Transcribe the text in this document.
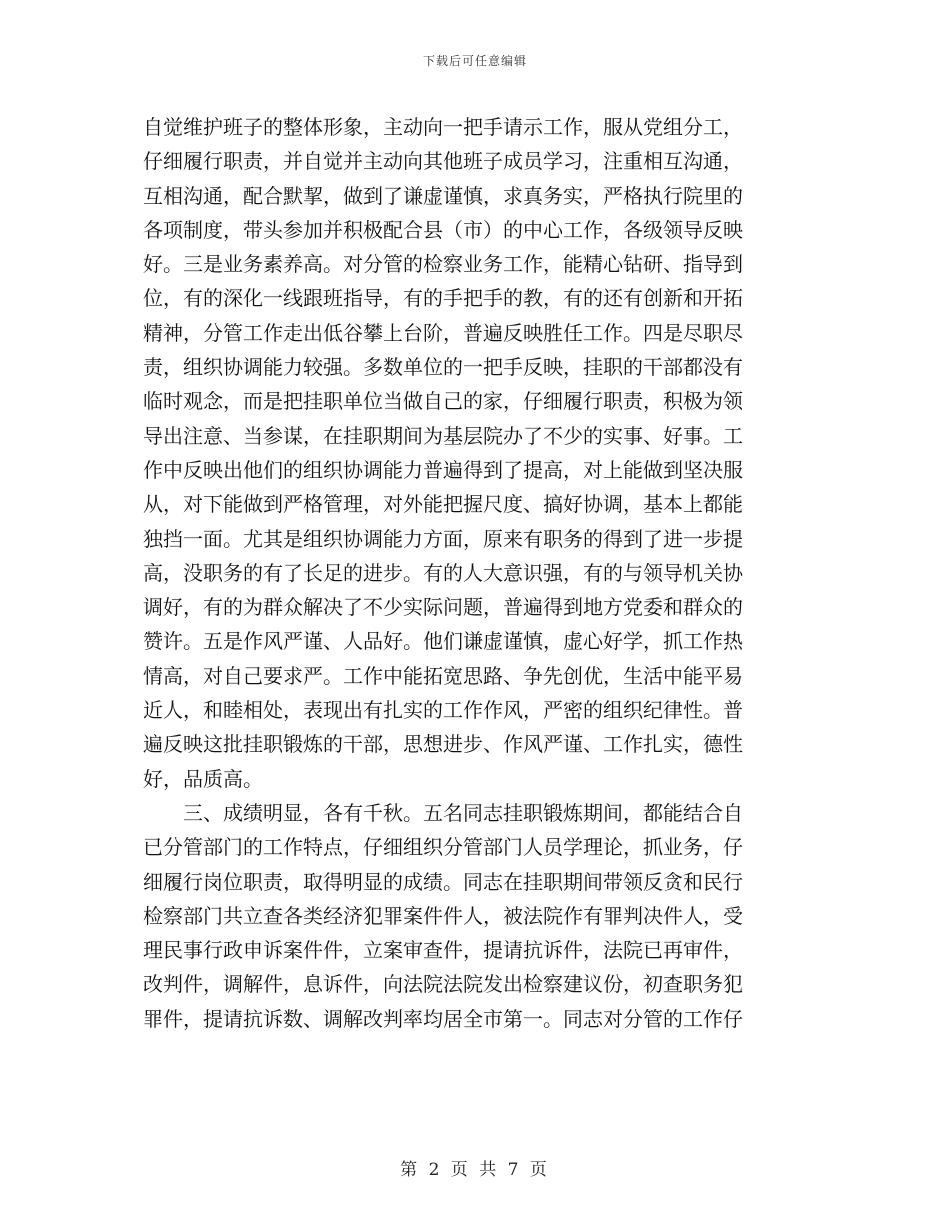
下载后可任意编辑
自觉维护班子的整体形象，主动向一把手请示工作，服从党组分工，
仔细履行职责，并自觉并主动向其他班子成员学习，注重相互沟通，
互相沟通，配合默挈，做到了谦虚谨慎，求真务实，严格执行院里的
各项制度，带头参加并积极配合县（市）的中心工作，各级领导反映
好。三是业务素养高。对分管的检察业务工作，能精心钻研、指导到
位，有的深化一线跟班指导，有的手把手的教，有的还有创新和开拓
精神，分管工作走出低谷攀上台阶，普遍反映胜任工作。四是尽职尽
责，组织协调能力较强。多数单位的一把手反映，挂职的干部都没有
临时观念，而是把挂职单位当做自己的家，仔细履行职责，积极为领
导出注意、当参谋，在挂职期间为基层院办了不少的实事、好事。工
作中反映出他们的组织协调能力普遍得到了提高，对上能做到坚决服
从，对下能做到严格管理，对外能把握尺度、搞好协调，基本上都能
独挡一面。尤其是组织协调能力方面，原来有职务的得到了进一步提
高，没职务的有了长足的进步。有的人大意识强，有的与领导机关协
调好，有的为群众解决了不少实际问题，普遍得到地方党委和群众的
赞许。五是作风严谨、人品好。他们谦虚谨慎，虚心好学，抓工作热
情高，对自己要求严。工作中能拓宽思路、争先创优，生活中能平易
近人，和睦相处，表现出有扎实的工作作风，严密的组织纪律性。普
遍反映这批挂职锻炼的干部，思想进步、作风严谨、工作扎实，德性
好，品质高。
三、成绩明显，各有千秋。五名同志挂职锻炼期间，都能结合自
已分管部门的工作特点，仔细组织分管部门人员学理论，抓业务，仔
细履行岗位职责，取得明显的成绩。同志在挂职期间带领反贪和民行
检察部门共立查各类经济犯罪案件件人，被法院作有罪判决件人，受
理民事行政申诉案件件，立案审查件，提请抗诉件，法院已再审件，
改判件，调解件，息诉件，向法院法院发出检察建议份，初查职务犯
罪件，提请抗诉数、调解改判率均居全市第一。同志对分管的工作仔
第 2 页 共 7 页
